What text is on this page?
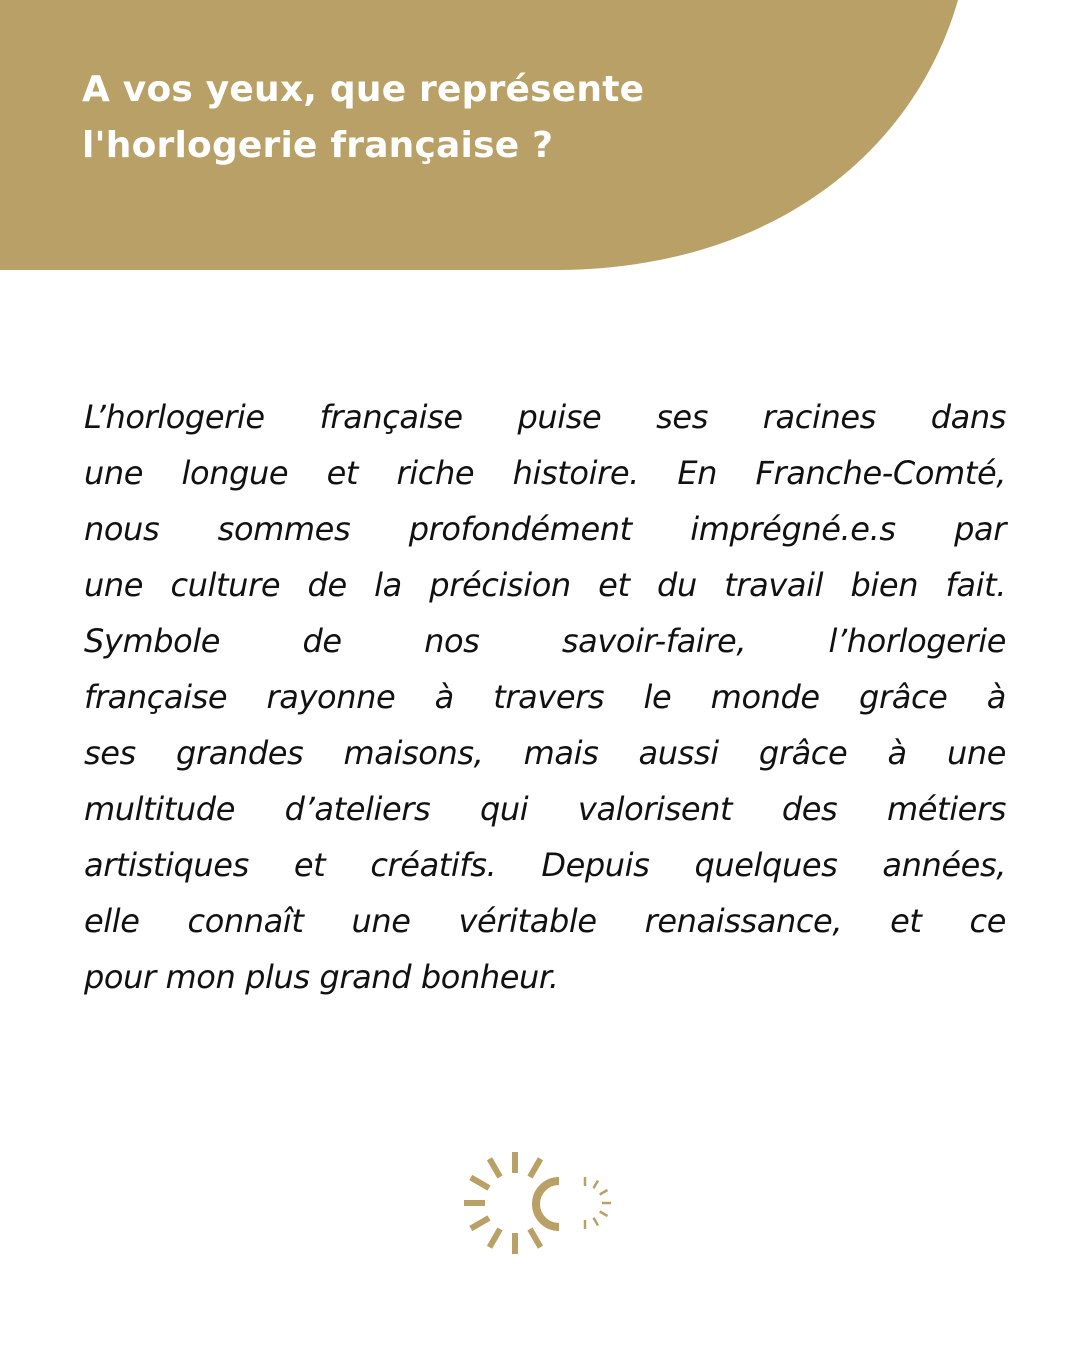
A vos yeux, que représente
l'horlogerie française ?

L’horlogerie française puise ses racines dans
une longue et riche histoire. En Franche-Comté,
nous sommes profondément imprégné.e.s par
une culture de la précision et du travail bien fait.
Symbole de nos savoir-faire, l’horlogerie
française rayonne à travers le monde grâce à
ses grandes maisons, mais aussi grâce à une
multitude d’ateliers qui valorisent des métiers
artistiques et créatifs. Depuis quelques années,
elle connaît une véritable renaissance, et ce
pour mon plus grand bonheur.
